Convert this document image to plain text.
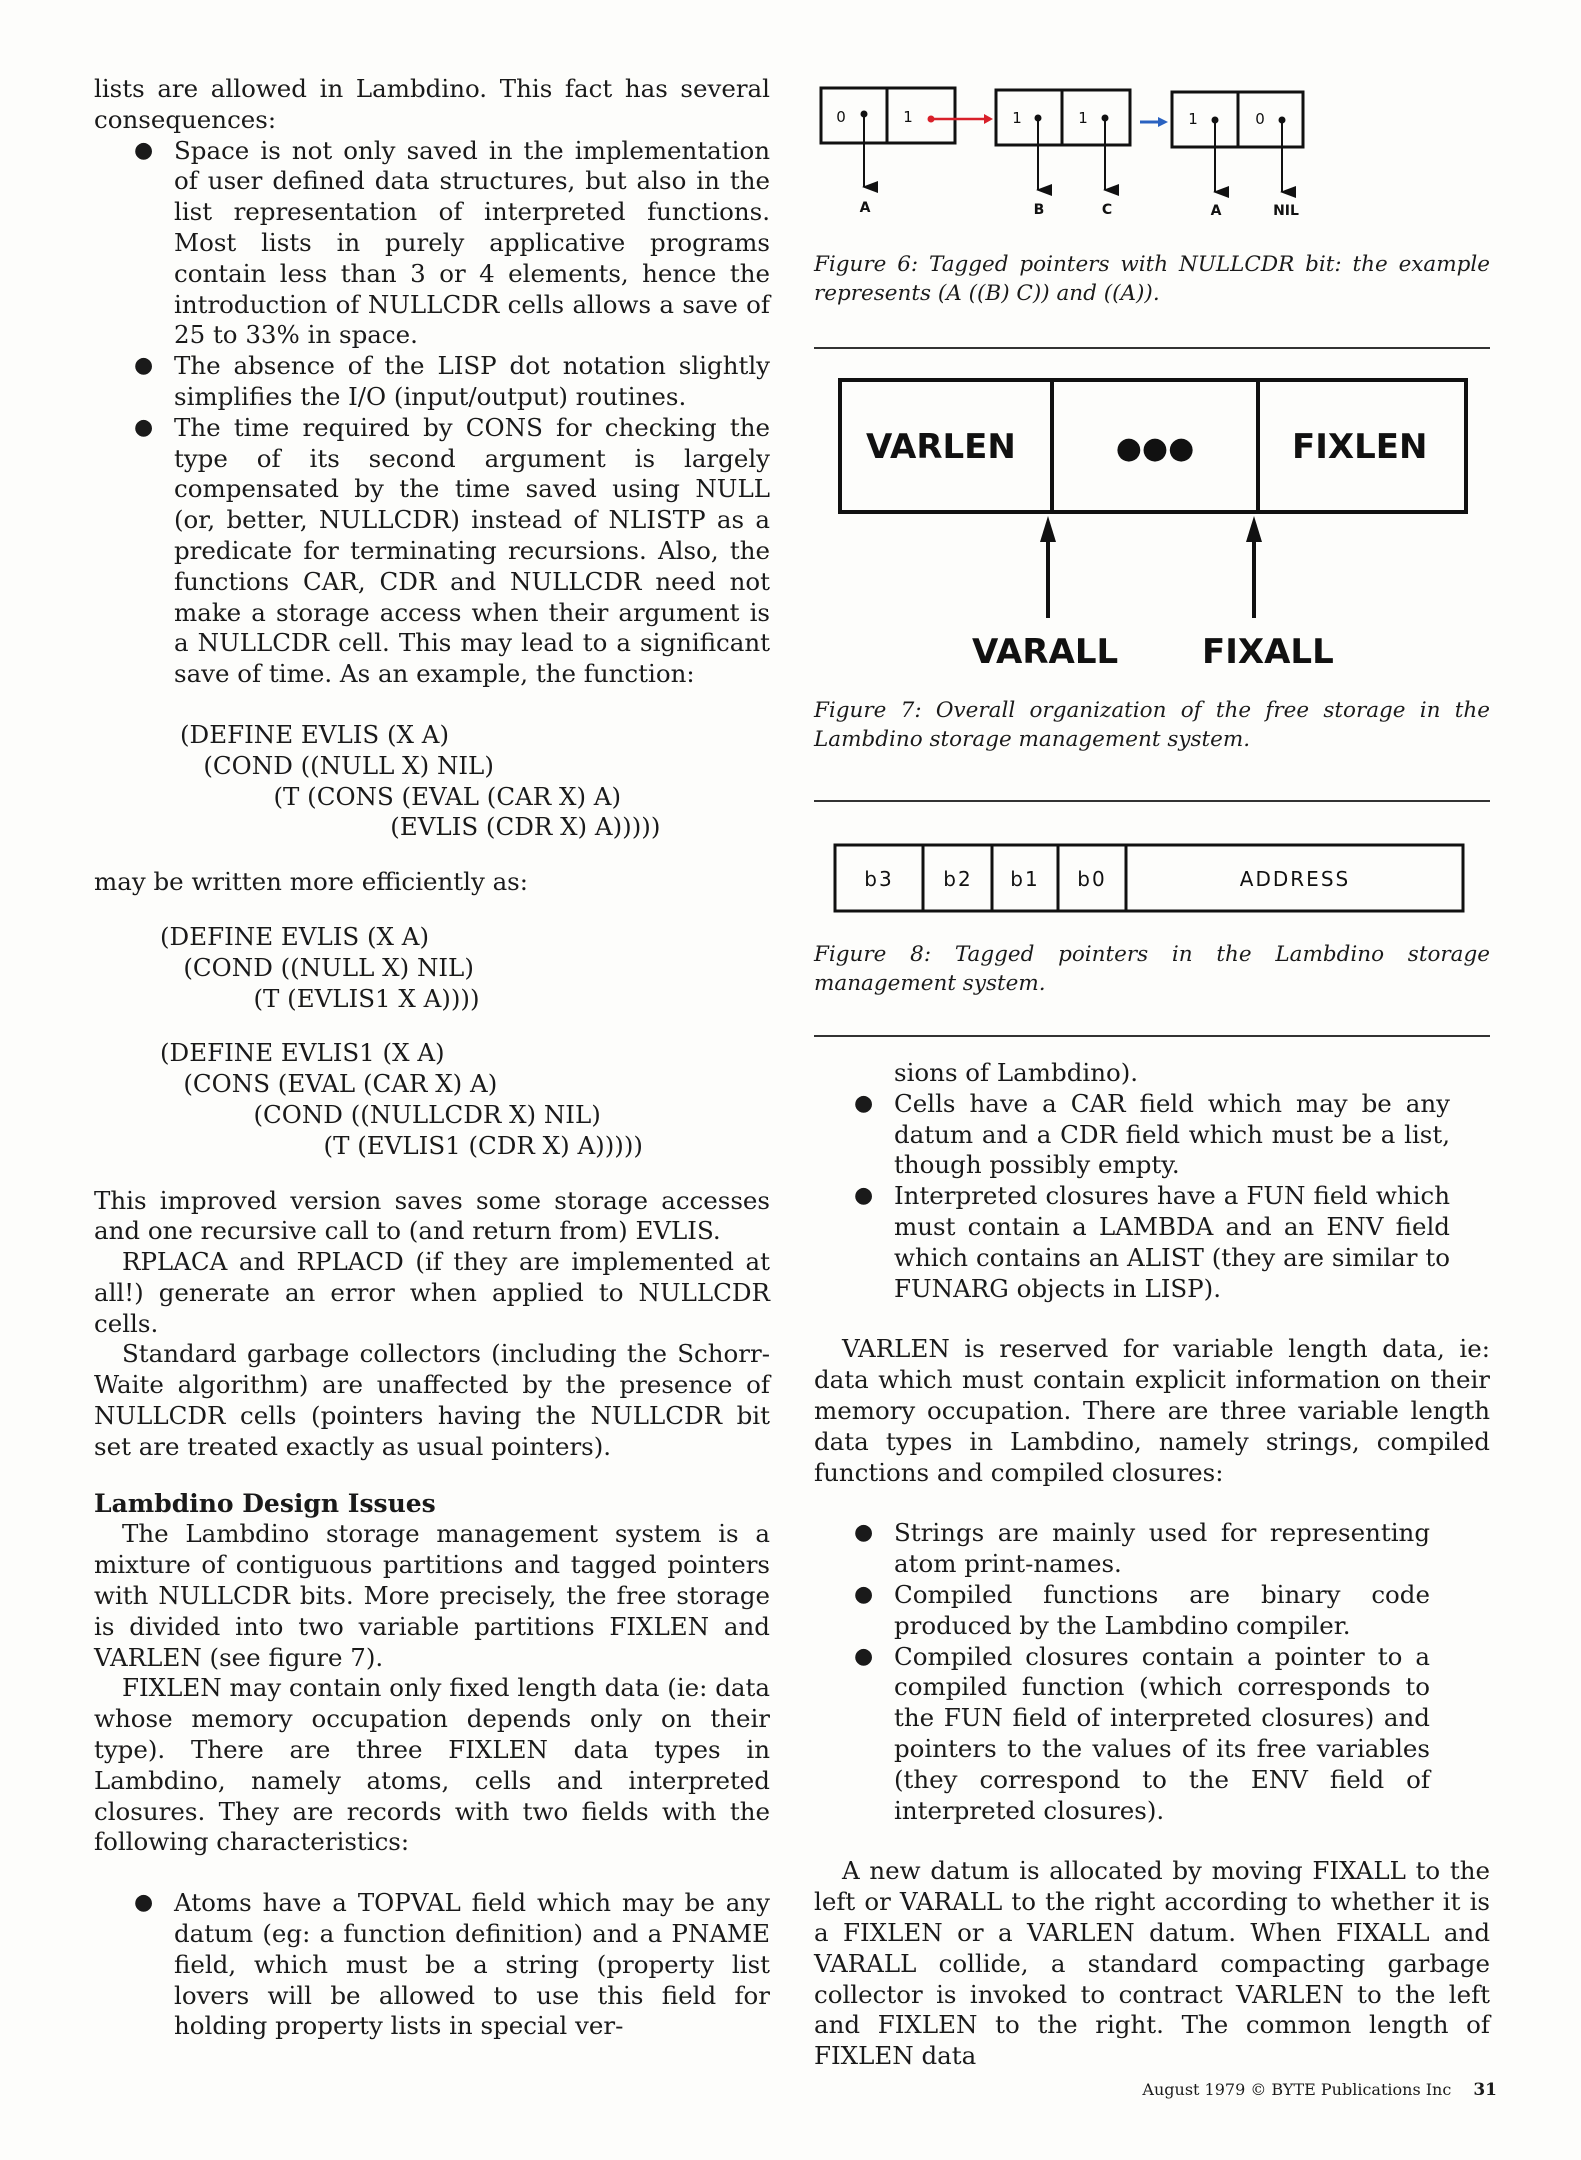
lists are allowed in Lambdino. This fact has several consequences:

● Space is not only saved in the implementation of user defined data structures, but also in the list representation of interpreted functions. Most lists in purely applicative programs contain less than 3 or 4 elements, hence the introduction of NULLCDR cells allows a save of 25 to 33% in space.
● The absence of the LISP dot notation slightly simplifies the I/O (input/output) routines.
● The time required by CONS for checking the type of its second argument is largely compensated by the time saved using NULL (or, better, NULLCDR) instead of NLISTP as a predicate for terminating recursions. Also, the functions CAR, CDR and NULLCDR need not make a storage access when their argument is a NULLCDR cell. This may lead to a significant save of time. As an example, the function:
(DEFINE EVLIS (X A)
(COND ((NULL X) NIL)
(T (CONS (EVAL (CAR X) A)
(EVLIS (CDR X) A)))))

may be written more efficiently as:

(DEFINE EVLIS (X A)
(COND ((NULL X) NIL)
(T (EVLIS1 X A))))
(DEFINE EVLIS1 (X A)
(CONS (EVAL (CAR X) A)
(COND ((NULLCDR X) NIL)
(T (EVLIS1 (CDR X) A)))))

This improved version saves some storage accesses and one recursive call to (and return from) EVLIS.

RPLACA and RPLACD (if they are implemented at all!) generate an error when applied to NULLCDR cells.

Standard garbage collectors (including the Schorr-Waite algorithm) are unaffected by the presence of NULLCDR cells (pointers having the NULLCDR bit set are treated exactly as usual pointers).

Lambdino Design Issues

The Lambdino storage management system is a mixture of contiguous partitions and tagged pointers with NULLCDR bits. More precisely, the free storage is divided into two variable partitions FIXLEN and VARLEN (see figure 7).

FIXLEN may contain only fixed length data (ie: data whose memory occupation depends only on their type). There are three FIXLEN data types in Lambdino, namely atoms, cells and interpreted closures. They are records with two fields with the following characteristics:

● Atoms have a TOPVAL field which may be any datum (eg: a function definition) and a PNAME field, which must be a string (property list lovers will be allowed to use this field for holding property lists in special ver-
0	1	1	1	1	0
A	B	C	A	NIL
Figure 6: Tagged pointers with NULLCDR bit: the example represents (A ((B) C)) and ((A)).
VARLEN	●●●	FIXLEN
VARALL FIXALL
Figure 7: Overall organization of the free storage in the Lambdino storage management system.
b3 b2 b1 b0	ADDRESS
Figure 8: Tagged pointers in the Lambdino storage management system.

sions of Lambdino).

● Cells have a CAR field which may be any datum and a CDR field which must be a list, though possibly empty.
● Interpreted closures have a FUN field which must contain a LAMBDA and an ENV field which contains an ALIST (they are similar to FUNARG objects in LISP).

VARLEN is reserved for variable length data, ie: data which must contain explicit information on their memory occupation. There are three variable length data types in Lambdino, namely strings, compiled functions and compiled closures:

● Strings are mainly used for representing atom print-names.
● Compiled functions are binary code produced by the Lambdino compiler.
● Compiled closures contain a pointer to a compiled function (which corresponds to the FUN field of interpreted closures) and pointers to the values of its free variables (they correspond to the ENV field of interpreted closures).

A new datum is allocated by moving FIXALL to the left or VARALL to the right according to whether it is a FIXLEN or a VARLEN datum. When FIXALL and VARALL collide, a standard compacting garbage collector is invoked to contract VARLEN to the left and FIXLEN to the right. The common length of FIXLEN data

August 1979 © BYTE Publications Inc 31
